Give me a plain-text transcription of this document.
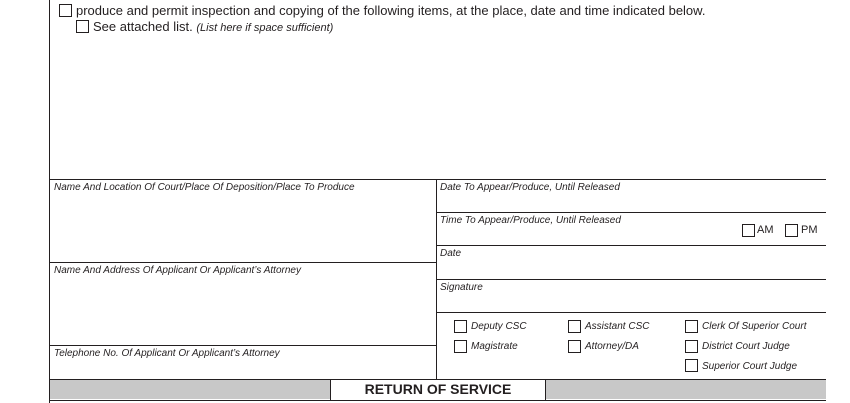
produce and permit inspection and copying of the following items, at the place, date and time indicated below.
See attached list. (List here if space sufficient)
Name And Location Of Court/Place Of Deposition/Place To Produce
Name And Address Of Applicant Or Applicant’s Attorney
Telephone No. Of Applicant Or Applicant’s Attorney
Date To Appear/Produce, Until Released
Time To Appear/Produce, Until Released
AM	PM
Date
Signature
Deputy CSC	Assistant CSC	Clerk Of Superior Court
Magistrate	Attorney/DA	District Court Judge
Superior Court Judge
RETURN OF SERVICE
